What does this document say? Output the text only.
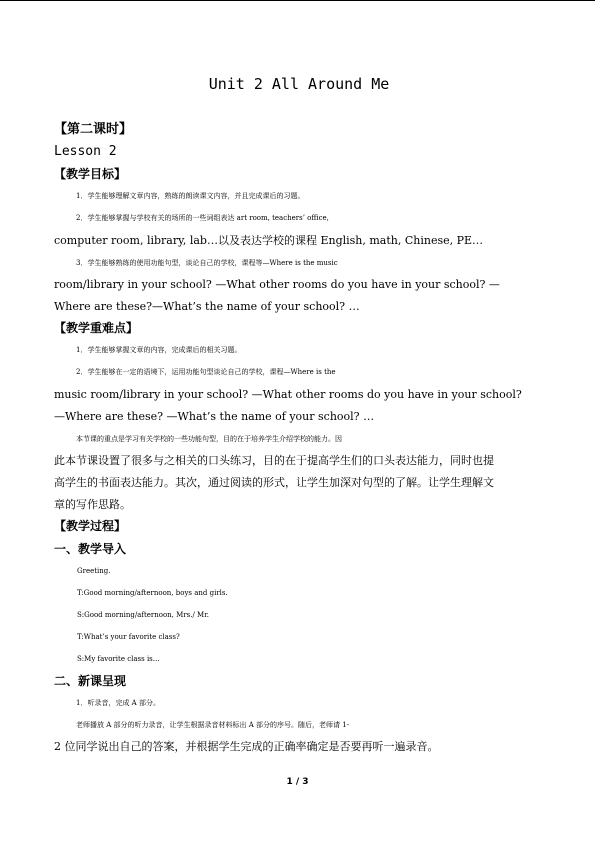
Unit 2 All Around Me
【第二课时】
Lesson 2
【教学目标】
1．学生能够理解文章内容，熟练的朗读课文内容，并且完成课后的习题。
2．学生能够掌握与学校有关的场所的一些词组表达 art room, teachers’ office,
computer room, library, lab…以及表达学校的课程 English, math, Chinese, PE…
3．学生能够熟练的使用功能句型，谈论自己的学校，课程等—Where is the music
room/library in your school? —What other rooms do you have in your school? —
Where are these?—What’s the name of your school? …
【教学重难点】
1．学生能够掌握文章的内容，完成课后的相关习题。
2．学生能够在一定的语境下，运用功能句型谈论自己的学校，课程—Where is the
music room/library in your school? —What other rooms do you have in your school?
—Where are these? —What’s the name of your school? …
本节课的重点是学习有关学校的一些功能句型，目的在于培养学生介绍学校的能力。因
此本节课设置了很多与之相关的口头练习，目的在于提高学生们的口头表达能力，同时也提
高学生的书面表达能力。其次，通过阅读的形式，让学生加深对句型的了解。让学生理解文
章的写作思路。
【教学过程】
一、教学导入
Greeting.
T:Good morning/afternoon, boys and girls.
S:Good morning/afternoon, Mrs./ Mr.
T:What’s your favorite class?
S:My favorite class is…
二、新课呈现
1．听录音，完成 A 部分。
老师播放 A 部分的听力录音，让学生根据录音材料标出 A 部分的序号。随后，老师请 1-
2 位同学说出自己的答案，并根据学生完成的正确率确定是否要再听一遍录音。
1 / 3
